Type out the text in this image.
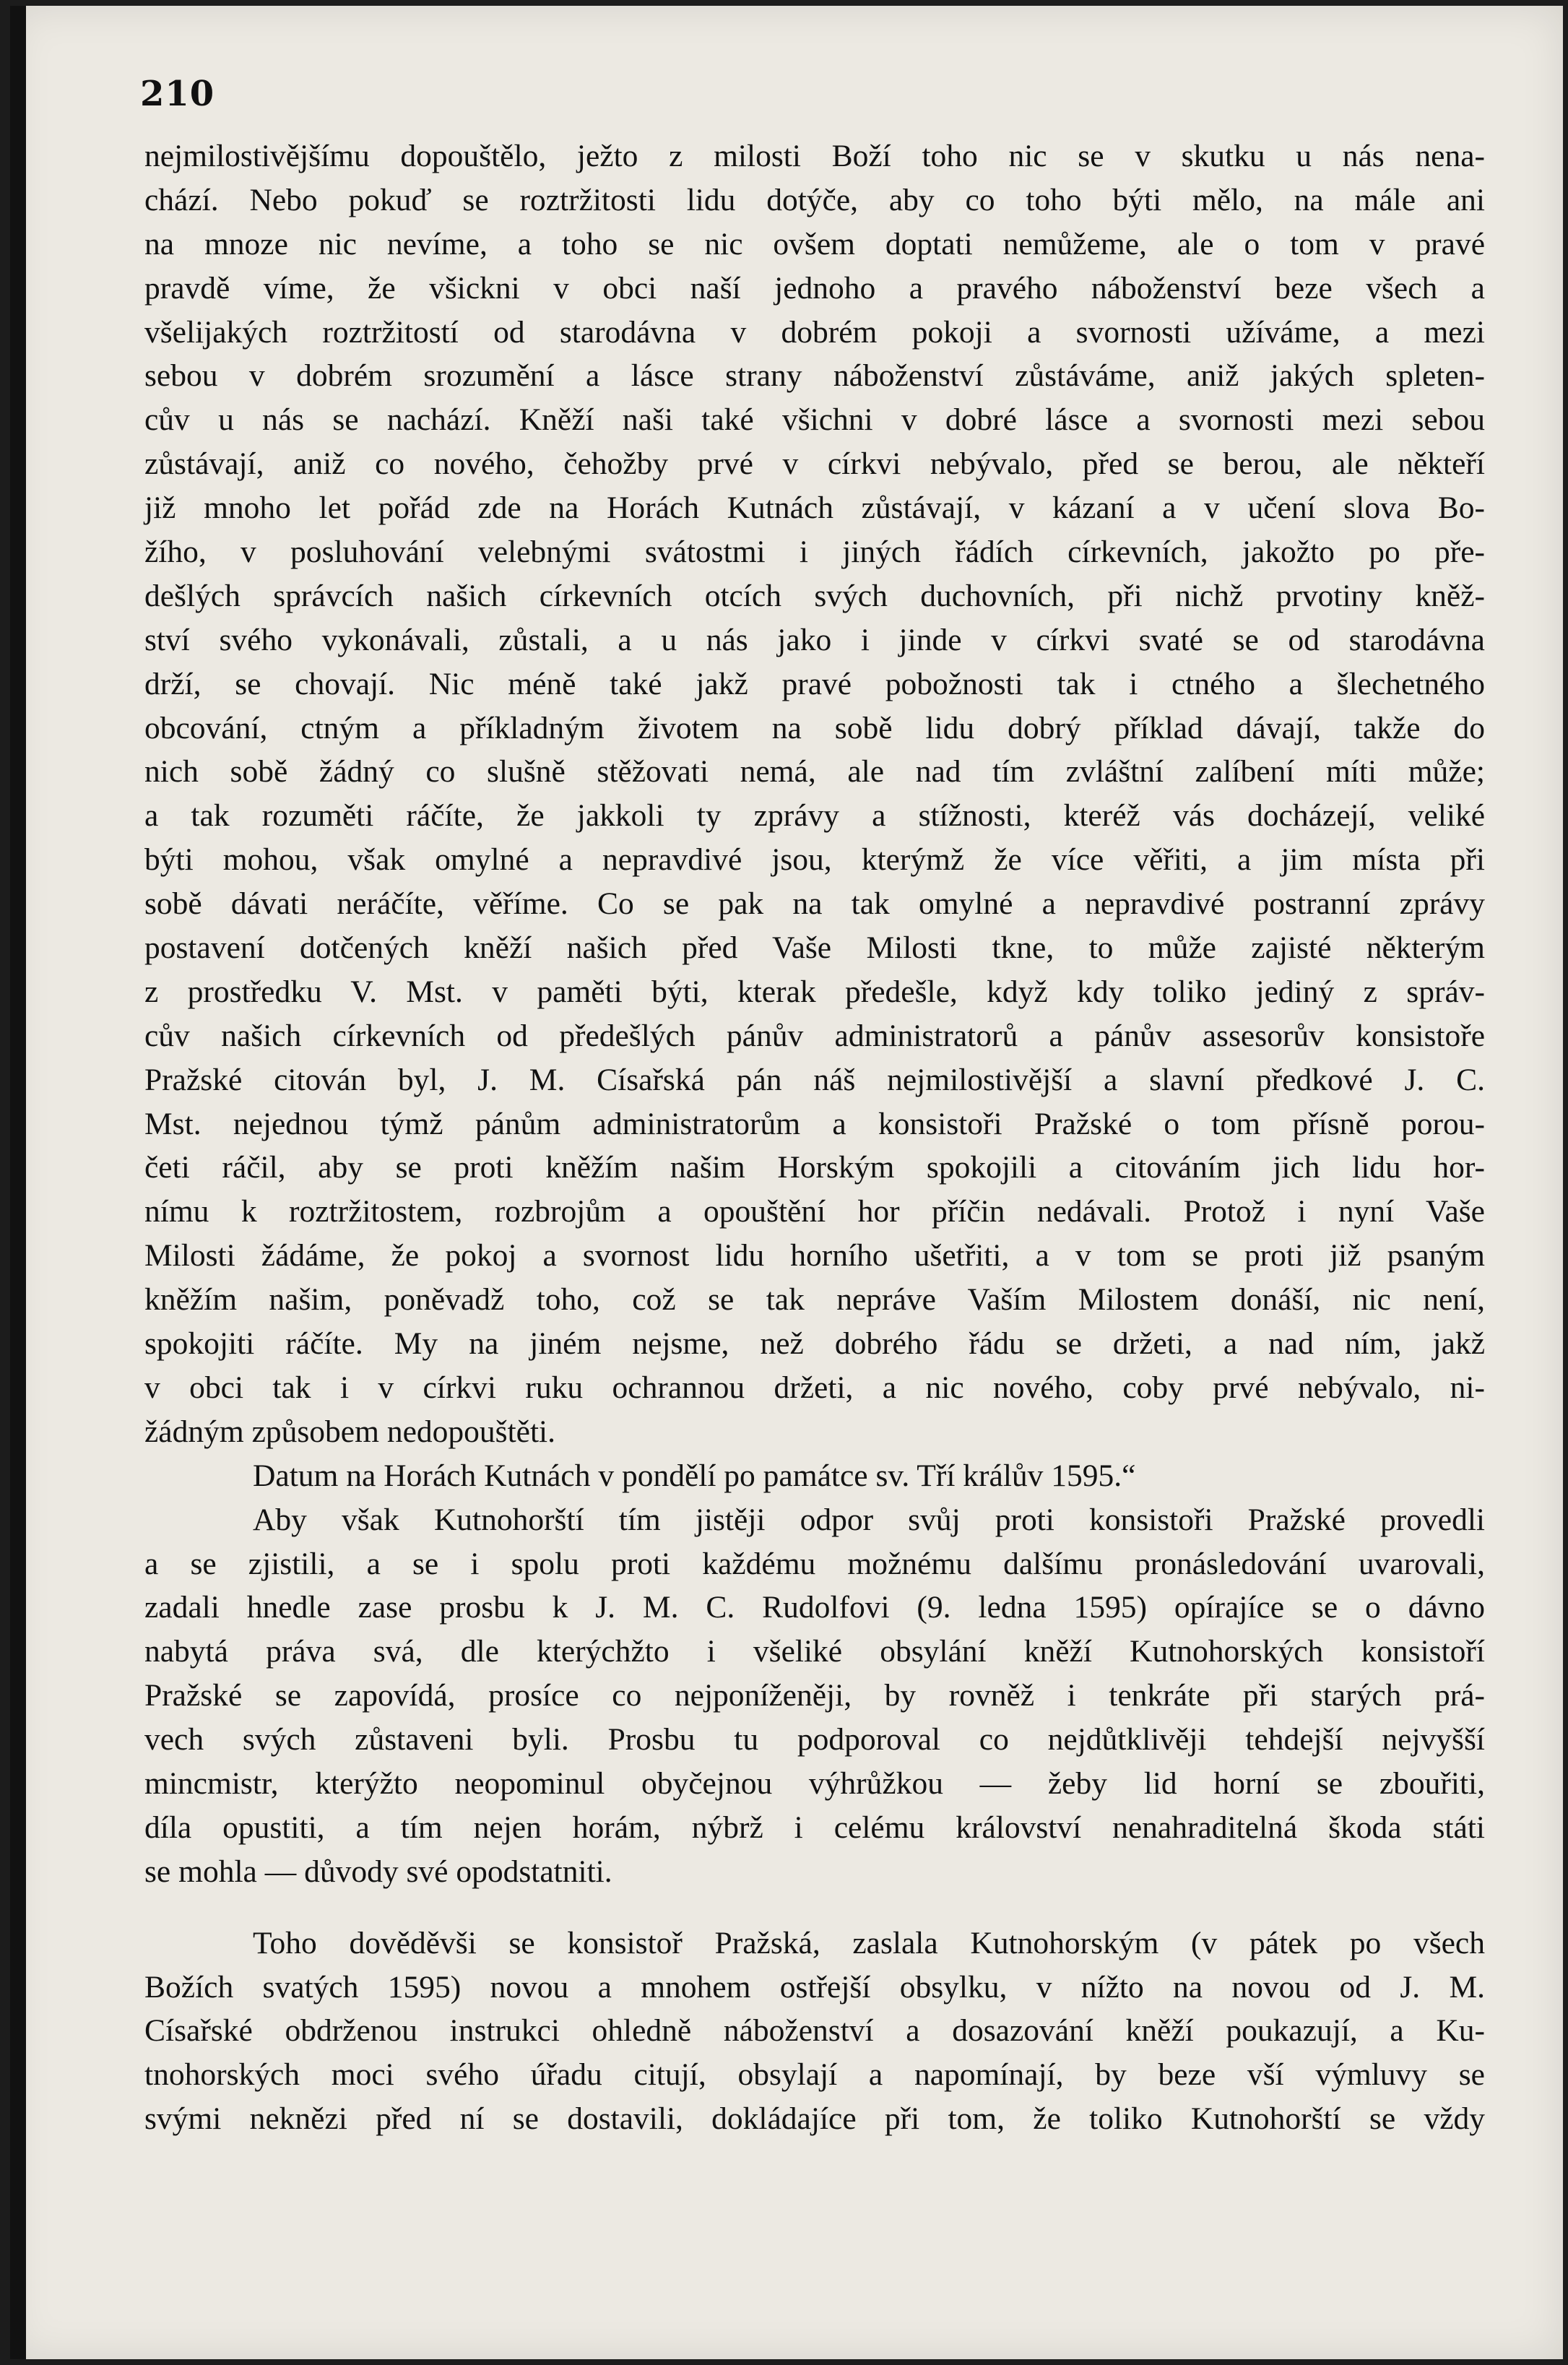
210
nejmilostivějšímu dopouštělo, ježto z milosti Boží toho nic se v skutku u nás nena-
chází. Nebo pokuď se roztržitosti lidu dotýče, aby co toho býti mělo, na mále ani
na mnoze nic nevíme, a toho se nic ovšem doptati nemůžeme, ale o tom v pravé
pravdě víme, že všickni v obci naší jednoho a pravého náboženství beze všech a
všelijakých roztržitostí od starodávna v dobrém pokoji a svornosti užíváme, a mezi
sebou v dobrém srozumění a lásce strany náboženství zůstáváme, aniž jakých spleten-
cův u nás se nachází. Kněží naši také všichni v dobré lásce a svornosti mezi sebou
zůstávají, aniž co nového, čehožby prvé v církvi nebývalo, před se berou, ale někteří
již mnoho let pořád zde na Horách Kutnách zůstávají, v kázaní a v učení slova Bo-
žího, v posluhování velebnými svátostmi i jiných řádích církevních, jakožto po pře-
dešlých správcích našich církevních otcích svých duchovních, při nichž prvotiny kněž-
ství svého vykonávali, zůstali, a u nás jako i jinde v církvi svaté se od starodávna
drží, se chovají. Nic méně také jakž pravé pobožnosti tak i ctného a šlechetného
obcování, ctným a příkladným životem na sobě lidu dobrý příklad dávají, takže do
nich sobě žádný co slušně stěžovati nemá, ale nad tím zvláštní zalíbení míti může;
a tak rozuměti ráčíte, že jakkoli ty zprávy a stížnosti, kteréž vás docházejí, veliké
býti mohou, však omylné a nepravdivé jsou, kterýmž že více věřiti, a jim místa při
sobě dávati neráčíte, věříme. Co se pak na tak omylné a nepravdivé postranní zprávy
postavení dotčených kněží našich před Vaše Milosti tkne, to může zajisté některým
z prostředku V. Mst. v paměti býti, kterak předešle, když kdy toliko jediný z správ-
cův našich církevních od předešlých pánův administratorů a pánův assesorův konsistoře
Pražské citován byl, J. M. Císařská pán náš nejmilostivější a slavní předkové J. C.
Mst. nejednou týmž pánům administratorům a konsistoři Pražské o tom přísně porou-
četi ráčil, aby se proti kněžím našim Horským spokojili a citováním jich lidu hor-
nímu k roztržitostem, rozbrojům a opouštění hor příčin nedávali. Protož i nyní Vaše
Milosti žádáme, že pokoj a svornost lidu horního ušetřiti, a v tom se proti již psaným
kněžím našim, poněvadž toho, což se tak nepráve Vaším Milostem donáší, nic není,
spokojiti ráčíte. My na jiném nejsme, než dobrého řádu se držeti, a nad ním, jakž
v obci tak i v církvi ruku ochrannou držeti, a nic nového, coby prvé nebývalo, ni-
žádným způsobem nedopouštěti.
Datum na Horách Kutnách v pondělí po památce sv. Tří králův 1595.“
Aby však Kutnohorští tím jistěji odpor svůj proti konsistoři Pražské provedli
a se zjistili, a se i spolu proti každému možnému dalšímu pronásledování uvarovali,
zadali hnedle zase prosbu k J. M. C. Rudolfovi (9. ledna 1595) opírajíce se o dávno
nabytá práva svá, dle kterýchžto i všeliké obsylání kněží Kutnohorských konsistoří
Pražské se zapovídá, prosíce co nejponíženěji, by rovněž i tenkráte při starých prá-
vech svých zůstaveni byli. Prosbu tu podporoval co nejdůtklivěji tehdejší nejvyšší
mincmistr, kterýžto neopominul obyčejnou výhrůžkou — žeby lid horní se zbouřiti,
díla opustiti, a tím nejen horám, nýbrž i celému království nenahraditelná škoda státi
se mohla — důvody své opodstatniti.
Toho dověděvši se konsistoř Pražská, zaslala Kutnohorským (v pátek po všech
Božích svatých 1595) novou a mnohem ostřejší obsylku, v nížto na novou od J. M.
Císařské obdrženou instrukci ohledně náboženství a dosazování kněží poukazují, a Ku-
tnohorských moci svého úřadu citují, obsylají a napomínají, by beze vší výmluvy se
svými neknězi před ní se dostavili, dokládajíce při tom, že toliko Kutnohorští se vždy
